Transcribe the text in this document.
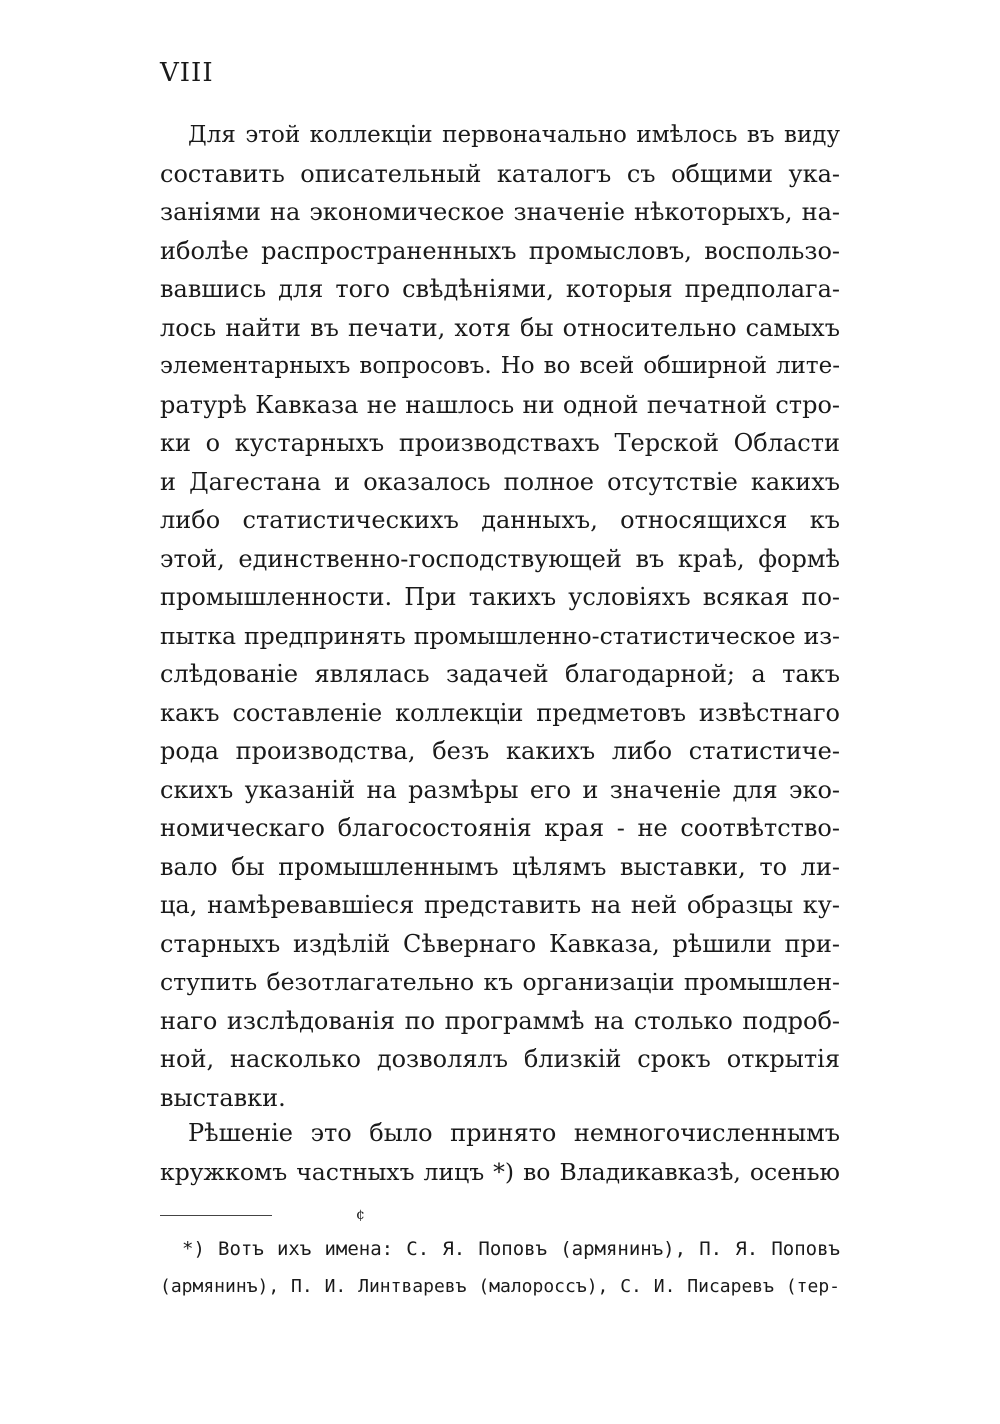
VIII
Для этой коллекціи первоначально имѣлось въ виду
составить описательный каталогъ съ общими ука-
заніями на экономическое значеніе нѣкоторыхъ, на-
иболѣе распространенныхъ промысловъ, воспользо-
вавшись для того свѣдѣніями, которыя предполага-
лось найти въ печати, хотя бы относительно самыхъ
элементарныхъ вопросовъ. Но во всей обширной лите-
ратурѣ Кавказа не нашлось ни одной печатной стро-
ки о кустарныхъ производствахъ Терской Области
и Дагестана и оказалось полное отсутствіе какихъ
либо статистическихъ данныхъ, относящихся къ
этой, единственно-господствующей въ краѣ, формѣ
промышленности. При такихъ условіяхъ всякая по-
пытка предпринять промышленно-статистическое из-
слѣдованіе являлась задачей благодарной; а такъ
какъ составленіе коллекціи предметовъ извѣстнаго
рода производства, безъ какихъ либо статистиче-
скихъ указаній на размѣры его и значеніе для эко-
номическаго благосостоянія края - не соотвѣтство-
вало бы промышленнымъ цѣлямъ выставки, то ли-
ца, намѣревавшіеся представить на ней образцы ку-
старныхъ издѣлій Сѣвернаго Кавказа, рѣшили при-
ступить безотлагательно къ организаціи промышлен-
наго изслѣдованія по программѣ на столько подроб-
ной, насколько дозволялъ близкій срокъ открытія
выставки.
Рѣшеніе это было принято немногочисленнымъ
кружкомъ частныхъ лицъ *) во Владикавказѣ, осенью
¢
*) Вотъ ихъ имена: С. Я. Поповъ (армянинъ), П. Я. Поповъ
(армянинъ), П. И. Линтваревъ (малороссъ), С. И. Писаревъ (тер-
